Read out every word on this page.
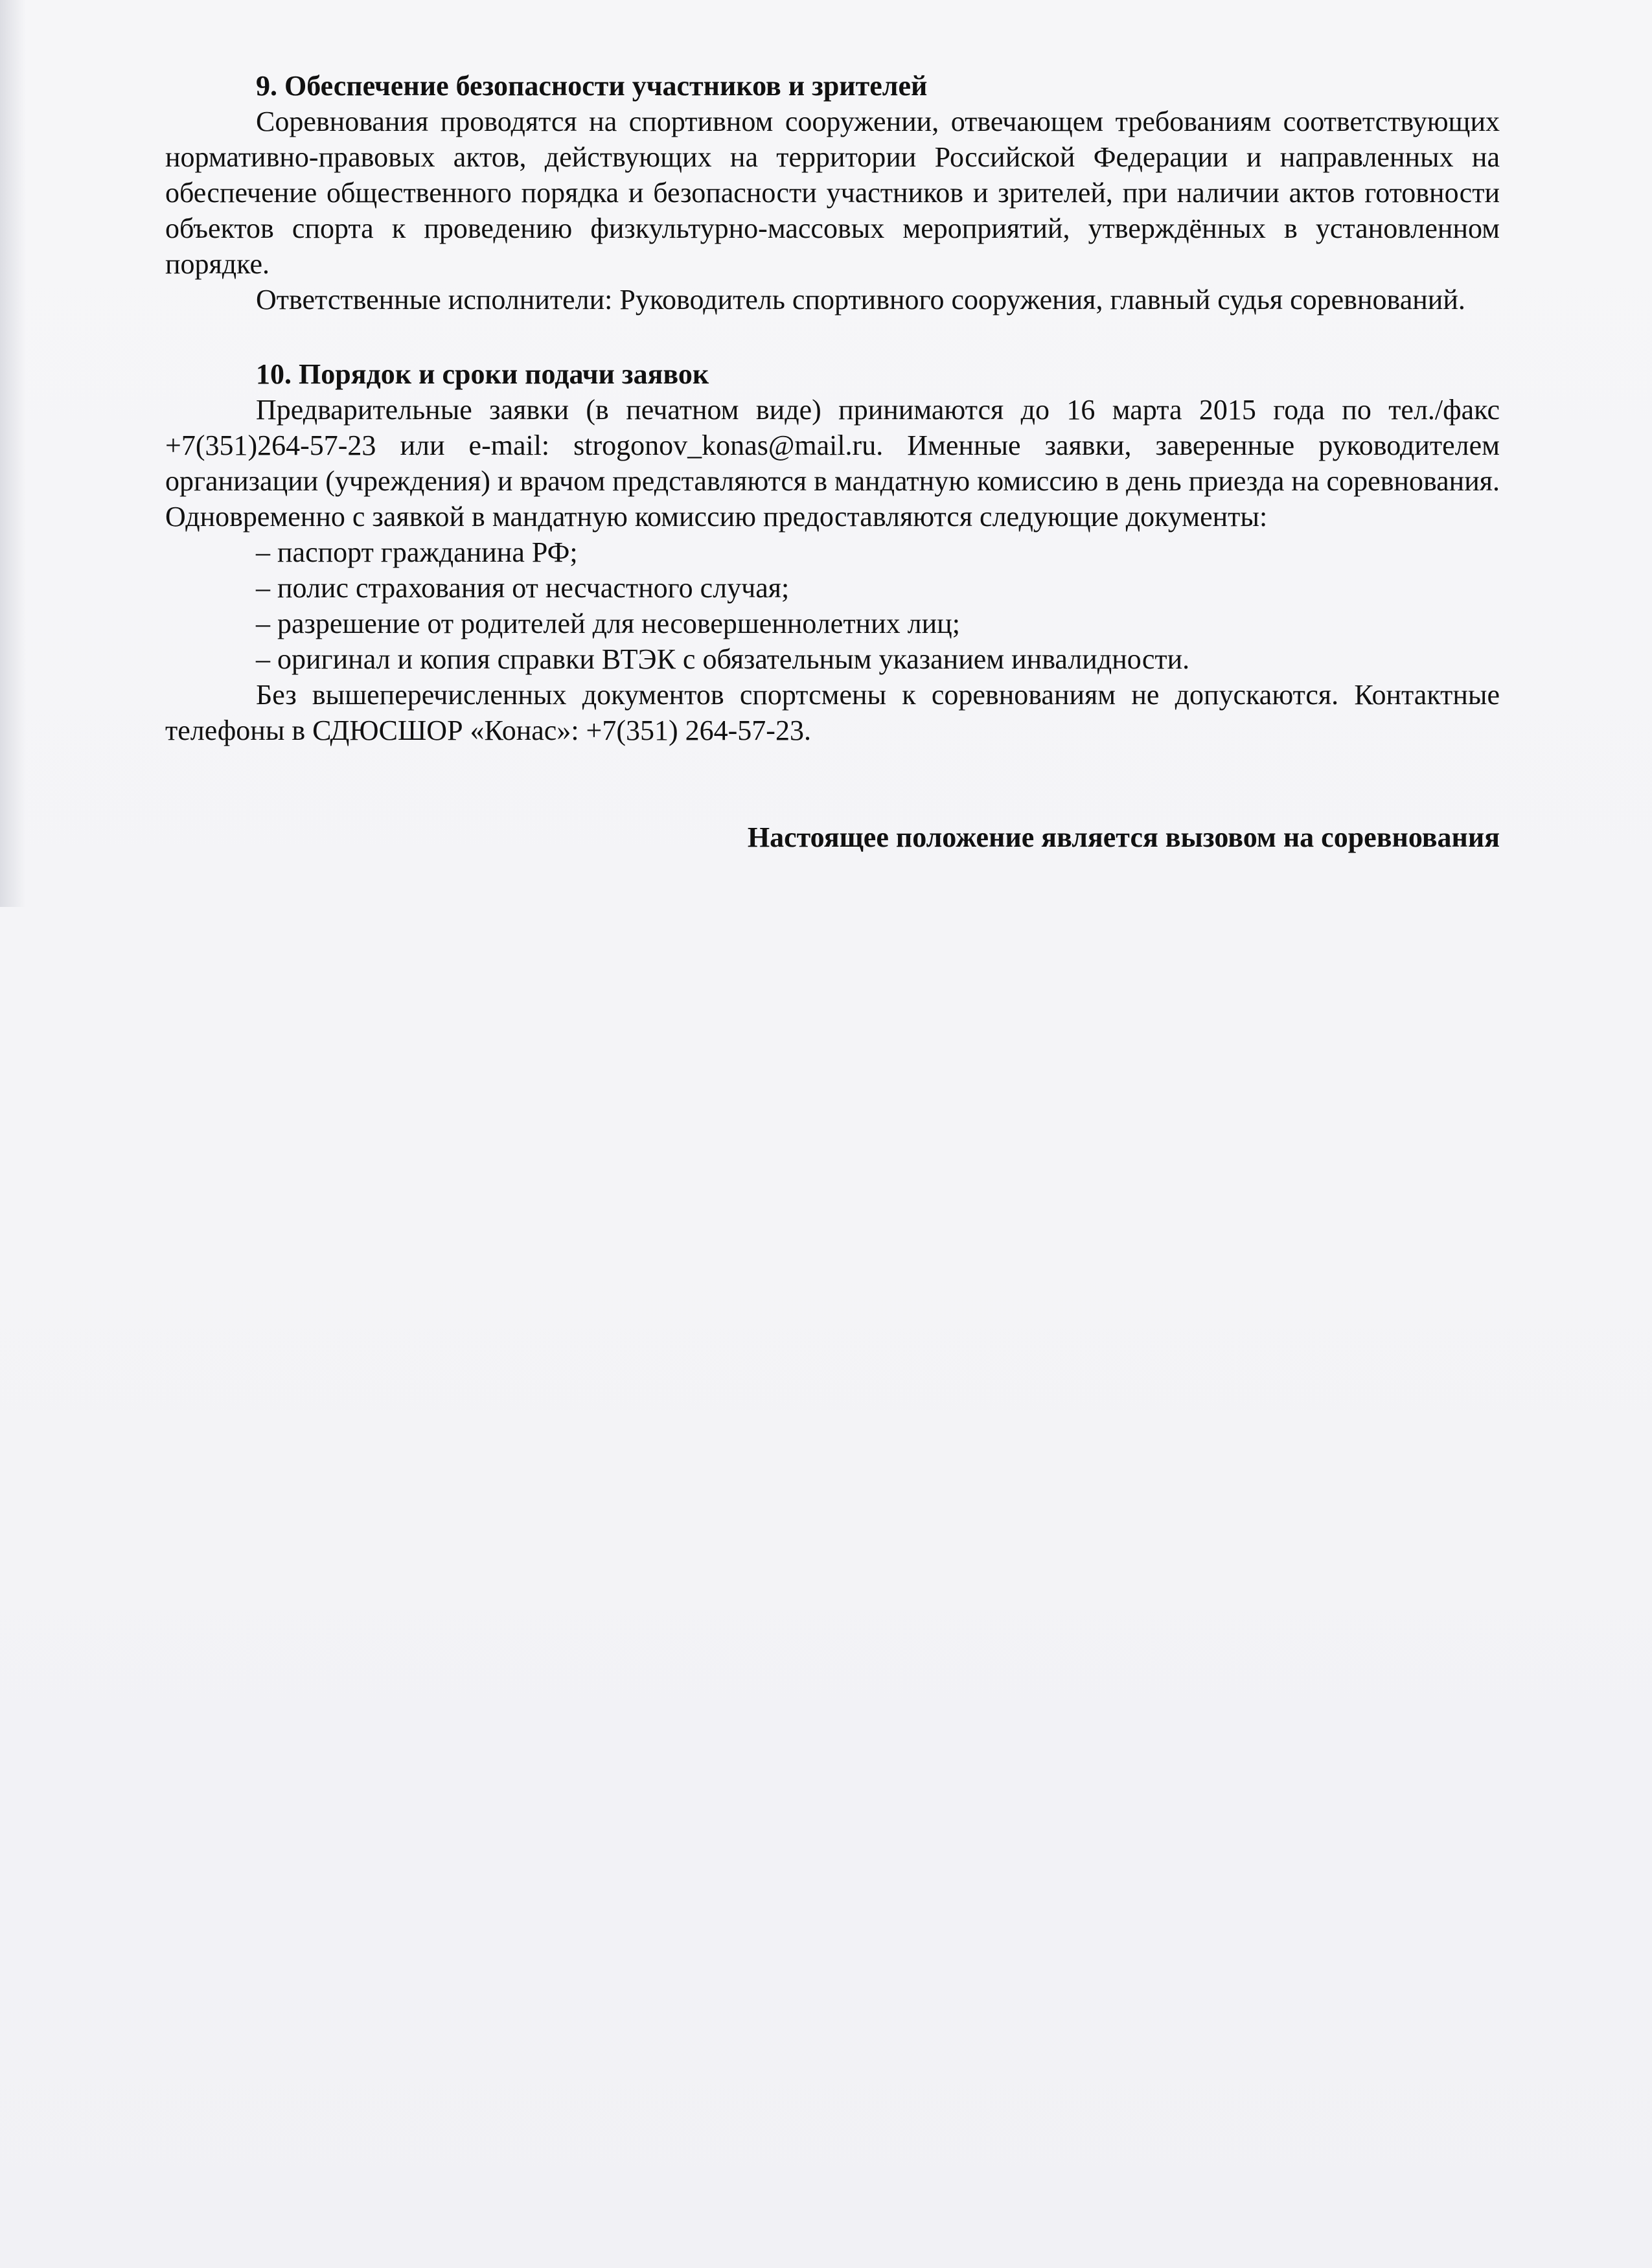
9. Обеспечение безопасности участников и зрителей

Соревнования проводятся на спортивном сооружении, отвечающем требованиям соответствующих нормативно-правовых актов, действующих на территории Российской Федерации и направленных на обеспечение общественного порядка и безопасности участников и зрителей, при наличии актов готовности объектов спорта к проведению физкультурно-массовых мероприятий, утверждённых в установленном порядке.

Ответственные исполнители: Руководитель спортивного сооружения, главный судья соревнований.

10. Порядок и сроки подачи заявок

Предварительные заявки (в печатном виде) принимаются до 16 марта 2015 года по тел./факс +7(351)264-57-23 или e-mail: strogonov_konas@mail.ru. Именные заявки, заверенные руководителем организации (учреждения) и врачом представляются в мандатную комиссию в день приезда на соревнования. Одновременно с заявкой в мандатную комиссию предоставляются следующие документы:

– паспорт гражданина РФ;

– полис страхования от несчастного случая;

– разрешение от родителей для несовершеннолетних лиц;

– оригинал и копия справки ВТЭК с обязательным указанием инвалидности.

Без вышеперечисленных документов спортсмены к соревнованиям не допускаются. Контактные телефоны в СДЮСШОР «Конас»: +7(351) 264-57-23.

Настоящее положение является вызовом на соревнования
